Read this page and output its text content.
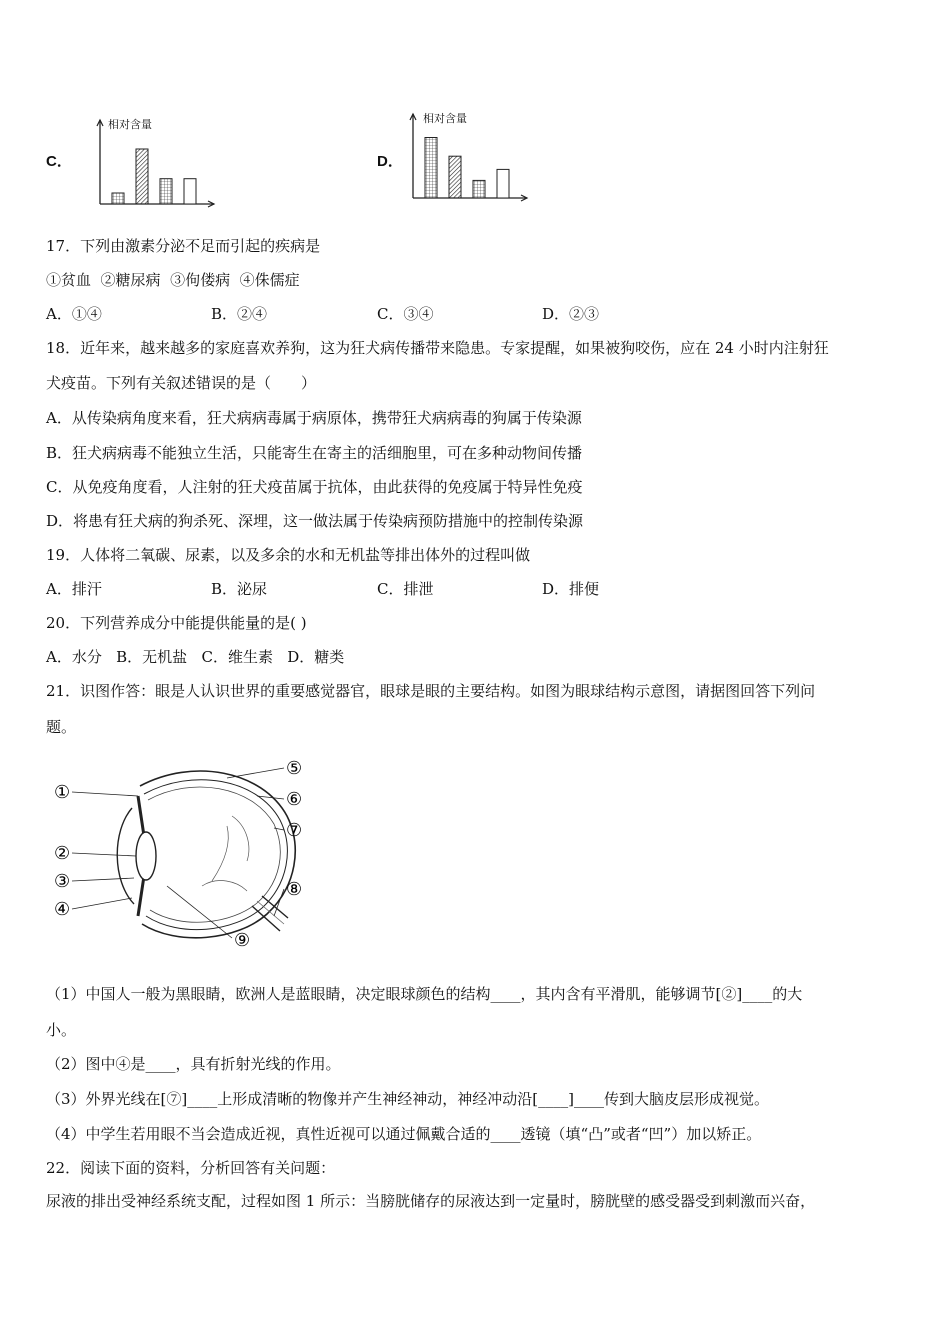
C．
相对含量
D．
相对含量
17．下列由激素分泌不足而引起的疾病是
①贫血  ②糖尿病  ③佝偻病  ④侏儒症
A．①④	B．②④	C．③④	D．②③
18．近年来，越来越多的家庭喜欢养狗，这为狂犬病传播带来隐患。专家提醒，如果被狗咬伤，应在 24 小时内注射狂
犬疫苗。下列有关叙述错误的是（　　）
A．从传染病角度来看，狂犬病病毒属于病原体，携带狂犬病病毒的狗属于传染源
B．狂犬病病毒不能独立生活，只能寄生在寄主的活细胞里，可在多种动物间传播
C．从免疫角度看，人注射的狂犬疫苗属于抗体，由此获得的免疫属于特异性免疫
D．将患有狂犬病的狗杀死、深埋，这一做法属于传染病预防措施中的控制传染源
19．人体将二氧碳、尿素，以及多余的水和无机盐等排出体外的过程叫做
A．排汗	B．泌尿	C．排泄	D．排便
20．下列营养成分中能提供能量的是( )
A．水分   B．无机盐   C．维生素   D．糖类
21．识图作答：眼是人认识世界的重要感觉器官，眼球是眼的主要结构。如图为眼球结构示意图，请据图回答下列问
题。
①
②
③
④
⑤
⑥
⑦
⑧
⑨
（1）中国人一般为黑眼睛，欧洲人是蓝眼睛，决定眼球颜色的结构____，其内含有平滑肌，能够调节[②]____的大
小。
（2）图中④是____，具有折射光线的作用。
（3）外界光线在[⑦]____上形成清晰的物像并产生神经神动，神经冲动沿[____]____传到大脑皮层形成视觉。
（4）中学生若用眼不当会造成近视，真性近视可以通过佩戴合适的____透镜（填“凸”或者“凹”）加以矫正。
22．阅读下面的资料，分析回答有关问题：
尿液的排出受神经系统支配，过程如图 1 所示：当膀胱储存的尿液达到一定量时，膀胱壁的感受器受到刺激而兴奋，
